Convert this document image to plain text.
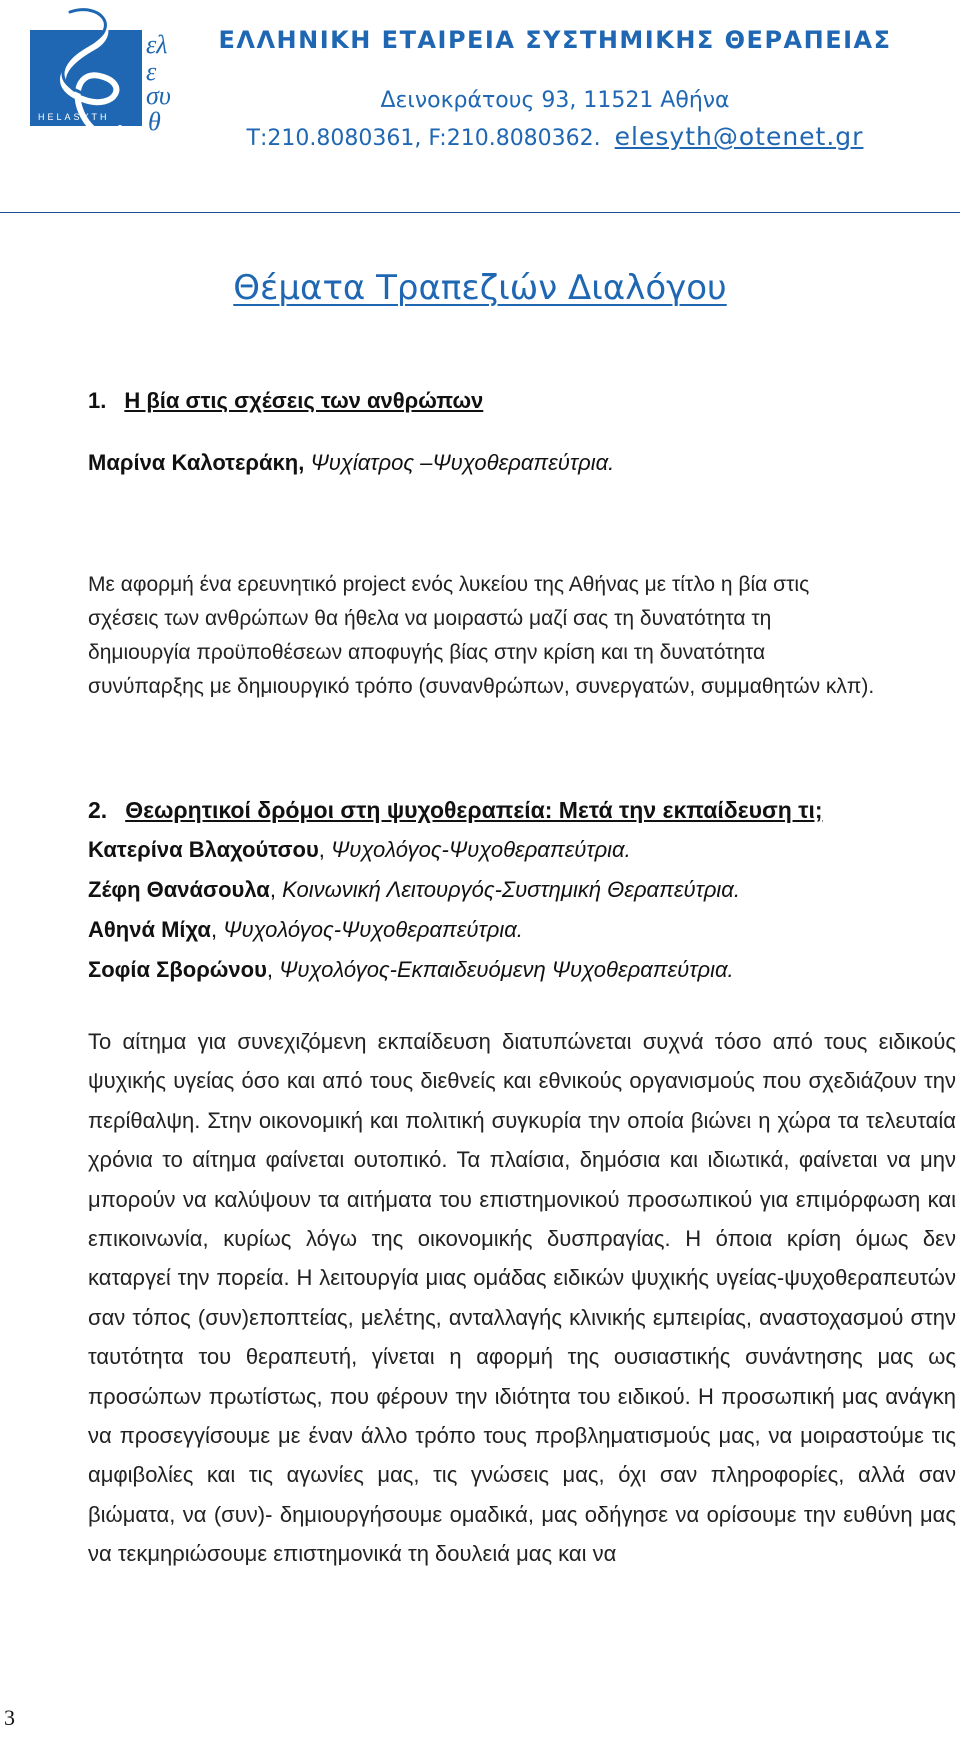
ελ
ε
συ
θ
HELASYTH
ΕΛΛΗΝΙΚΗ ΕΤΑΙΡΕΙΑ ΣΥΣΤΗΜΙΚΗΣ ΘΕΡΑΠΕΙΑΣ
Δεινοκράτους 93, 11521 Αθήνα
Τ:210.8080361, F:210.8080362. elesyth@otenet.gr
Θέματα Τραπεζιών Διαλόγου
1. Η βία στις σχέσεις των ανθρώπων
Μαρίνα Καλοτεράκη, Ψυχίατρος –Ψυχοθεραπεύτρια.
Με αφορμή ένα ερευνητικό project ενός λυκείου της Αθήνας με τίτλο η βία στις
σχέσεις των ανθρώπων θα ήθελα να μοιραστώ μαζί σας τη δυνατότητα τη
δημιουργία προϋποθέσεων αποφυγής βίας στην κρίση και τη δυνατότητα
συνύπαρξης με δημιουργικό τρόπο (συνανθρώπων, συνεργατών, συμμαθητών κλπ).
2. Θεωρητικοί δρόμοι στη ψυχοθεραπεία: Μετά την εκπαίδευση τι;
Κατερίνα Βλαχούτσου, Ψυχολόγος-Ψυχοθεραπεύτρια.
Ζέφη Θανάσουλα, Κοινωνική Λειτουργός-Συστημική Θεραπεύτρια.
Αθηνά Μίχα, Ψυχολόγος-Ψυχοθεραπεύτρια.
Σοφία Σβορώνου, Ψυχολόγος-Εκπαιδευόμενη Ψυχοθεραπεύτρια.
Το αίτημα για συνεχιζόμενη εκπαίδευση διατυπώνεται συχνά τόσο από τους ειδικούς ψυχικής υγείας όσο και από τους διεθνείς και εθνικούς οργανισμούς που σχεδιάζουν την περίθαλψη. Στην οικονομική και πολιτική συγκυρία την οποία βιώνει η χώρα τα τελευταία χρόνια το αίτημα φαίνεται ουτοπικό. Τα πλαίσια, δημόσια και ιδιωτικά, φαίνεται να μην μπορούν να καλύψουν τα αιτήματα του επιστημονικού προσωπικού για επιμόρφωση και επικοινωνία, κυρίως λόγω της οικονομικής δυσπραγίας. Η όποια κρίση όμως δεν καταργεί την πορεία. Η λειτουργία μιας ομάδας ειδικών ψυχικής υγείας-ψυχοθεραπευτών σαν τόπος (συν)εποπτείας, μελέτης, ανταλλαγής κλινικής εμπειρίας, αναστοχασμού στην ταυτότητα του θεραπευτή, γίνεται η αφορμή της ουσιαστικής συνάντησης μας ως προσώπων πρωτίστως, που φέρουν την ιδιότητα του ειδικού. Η προσωπική μας ανάγκη να προσεγγίσουμε με έναν άλλο τρόπο τους προβληματισμούς μας, να μοιραστούμε τις αμφιβολίες και τις αγωνίες μας, τις γνώσεις μας, όχι σαν πληροφορίες, αλλά σαν βιώματα, να (συν)- δημιουργήσουμε ομαδικά, μας οδήγησε να ορίσουμε την ευθύνη μας να τεκμηριώσουμε επιστημονικά τη δουλειά μας και να
3
